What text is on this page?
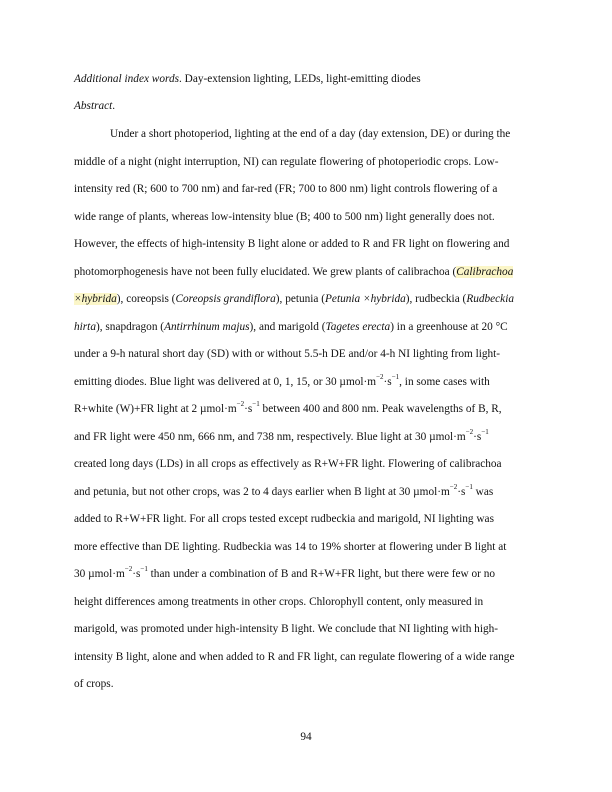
Additional index words. Day-extension lighting, LEDs, light-emitting diodes

Abstract.

Under a short photoperiod, lighting at the end of a day (day extension, DE) or during the

middle of a night (night interruption, NI) can regulate flowering of photoperiodic crops. Low-

intensity red (R; 600 to 700 nm) and far-red (FR; 700 to 800 nm) light controls flowering of a

wide range of plants, whereas low-intensity blue (B; 400 to 500 nm) light generally does not.

However, the effects of high-intensity B light alone or added to R and FR light on flowering and

photomorphogenesis have not been fully elucidated. We grew plants of calibrachoa (Calibrachoa

×hybrida), coreopsis (Coreopsis grandiflora), petunia (Petunia ×hybrida), rudbeckia (Rudbeckia

hirta), snapdragon (Antirrhinum majus), and marigold (Tagetes erecta) in a greenhouse at 20 °C

under a 9-h natural short day (SD) with or without 5.5-h DE and/or 4-h NI lighting from light-

emitting diodes. Blue light was delivered at 0, 1, 15, or 30 $\mu mol\cdot m^{-2}\cdot s^{-1}$, in some cases with

R+white (W)+FR light at 2 $\mu mol\cdot m^{-2}\cdot s^{-1}$ between 400 and 800 nm. Peak wavelengths of B, R,

and FR light were 450 nm, 666 nm, and 738 nm, respectively. Blue light at 30 $\mu mol\cdot m^{-2}\cdot s^{-1}$

created long days (LDs) in all crops as effectively as R+W+FR light. Flowering of calibrachoa

and petunia, but not other crops, was 2 to 4 days earlier when B light at 30 $\mu mol\cdot m^{-2}\cdot s^{-1}$ was

added to R+W+FR light. For all crops tested except rudbeckia and marigold, NI lighting was

more effective than DE lighting. Rudbeckia was 14 to 19% shorter at flowering under B light at

30 $\mu mol\cdot m^{-2}\cdot s^{-1}$ than under a combination of B and R+W+FR light, but there were few or no

height differences among treatments in other crops. Chlorophyll content, only measured in

marigold, was promoted under high-intensity B light. We conclude that NI lighting with high-

intensity B light, alone and when added to R and FR light, can regulate flowering of a wide range

of crops.

94
